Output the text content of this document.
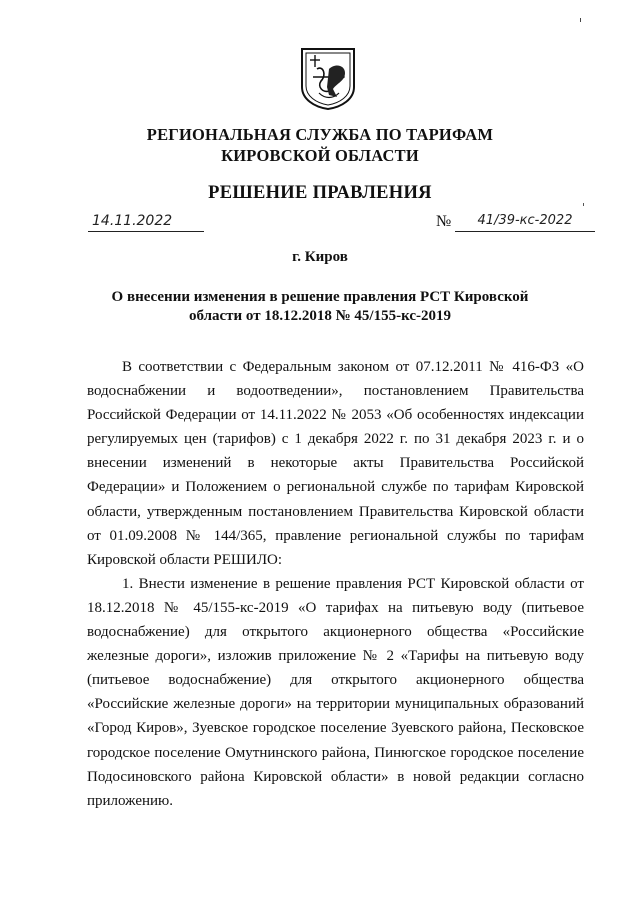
РЕГИОНАЛЬНАЯ СЛУЖБА ПО ТАРИФАМ
КИРОВСКОЙ ОБЛАСТИ
РЕШЕНИЕ ПРАВЛЕНИЯ
14.11.2022	№	41/39-кс-2022
г. Киров
О внесении изменения в решение правления РСТ Кировской
области от 18.12.2018 № 45/155-кс-2019

В соответствии с Федеральным законом от 07.12.2011 № 416-ФЗ «О водоснабжении и водоотведении», постановлением Правительства Российской Федерации от 14.11.2022 № 2053 «Об особенностях индексации регулируемых цен (тарифов) с 1 декабря 2022 г. по 31 декабря 2023 г. и о внесении изменений в некоторые акты Правительства Российской Федерации» и Положением о региональной службе по тарифам Кировской области, утвержденным постановлением Правительства Кировской области от 01.09.2008 № 144/365, правление региональной службы по тарифам Кировской области РЕШИЛО:

1. Внести изменение в решение правления РСТ Кировской области от 18.12.2018 № 45/155-кс-2019 «О тарифах на питьевую воду (питьевое водоснабжение) для открытого акционерного общества «Российские железные дороги», изложив приложение № 2 «Тарифы на питьевую воду (питьевое водоснабжение) для открытого акционерного общества «Российские железные дороги» на территории муниципальных образований «Город Киров», Зуевское городское поселение Зуевского района, Песковское городское поселение Омутнинского района, Пинюгское городское поселение Подосиновского района Кировской области» в новой редакции согласно приложению.
